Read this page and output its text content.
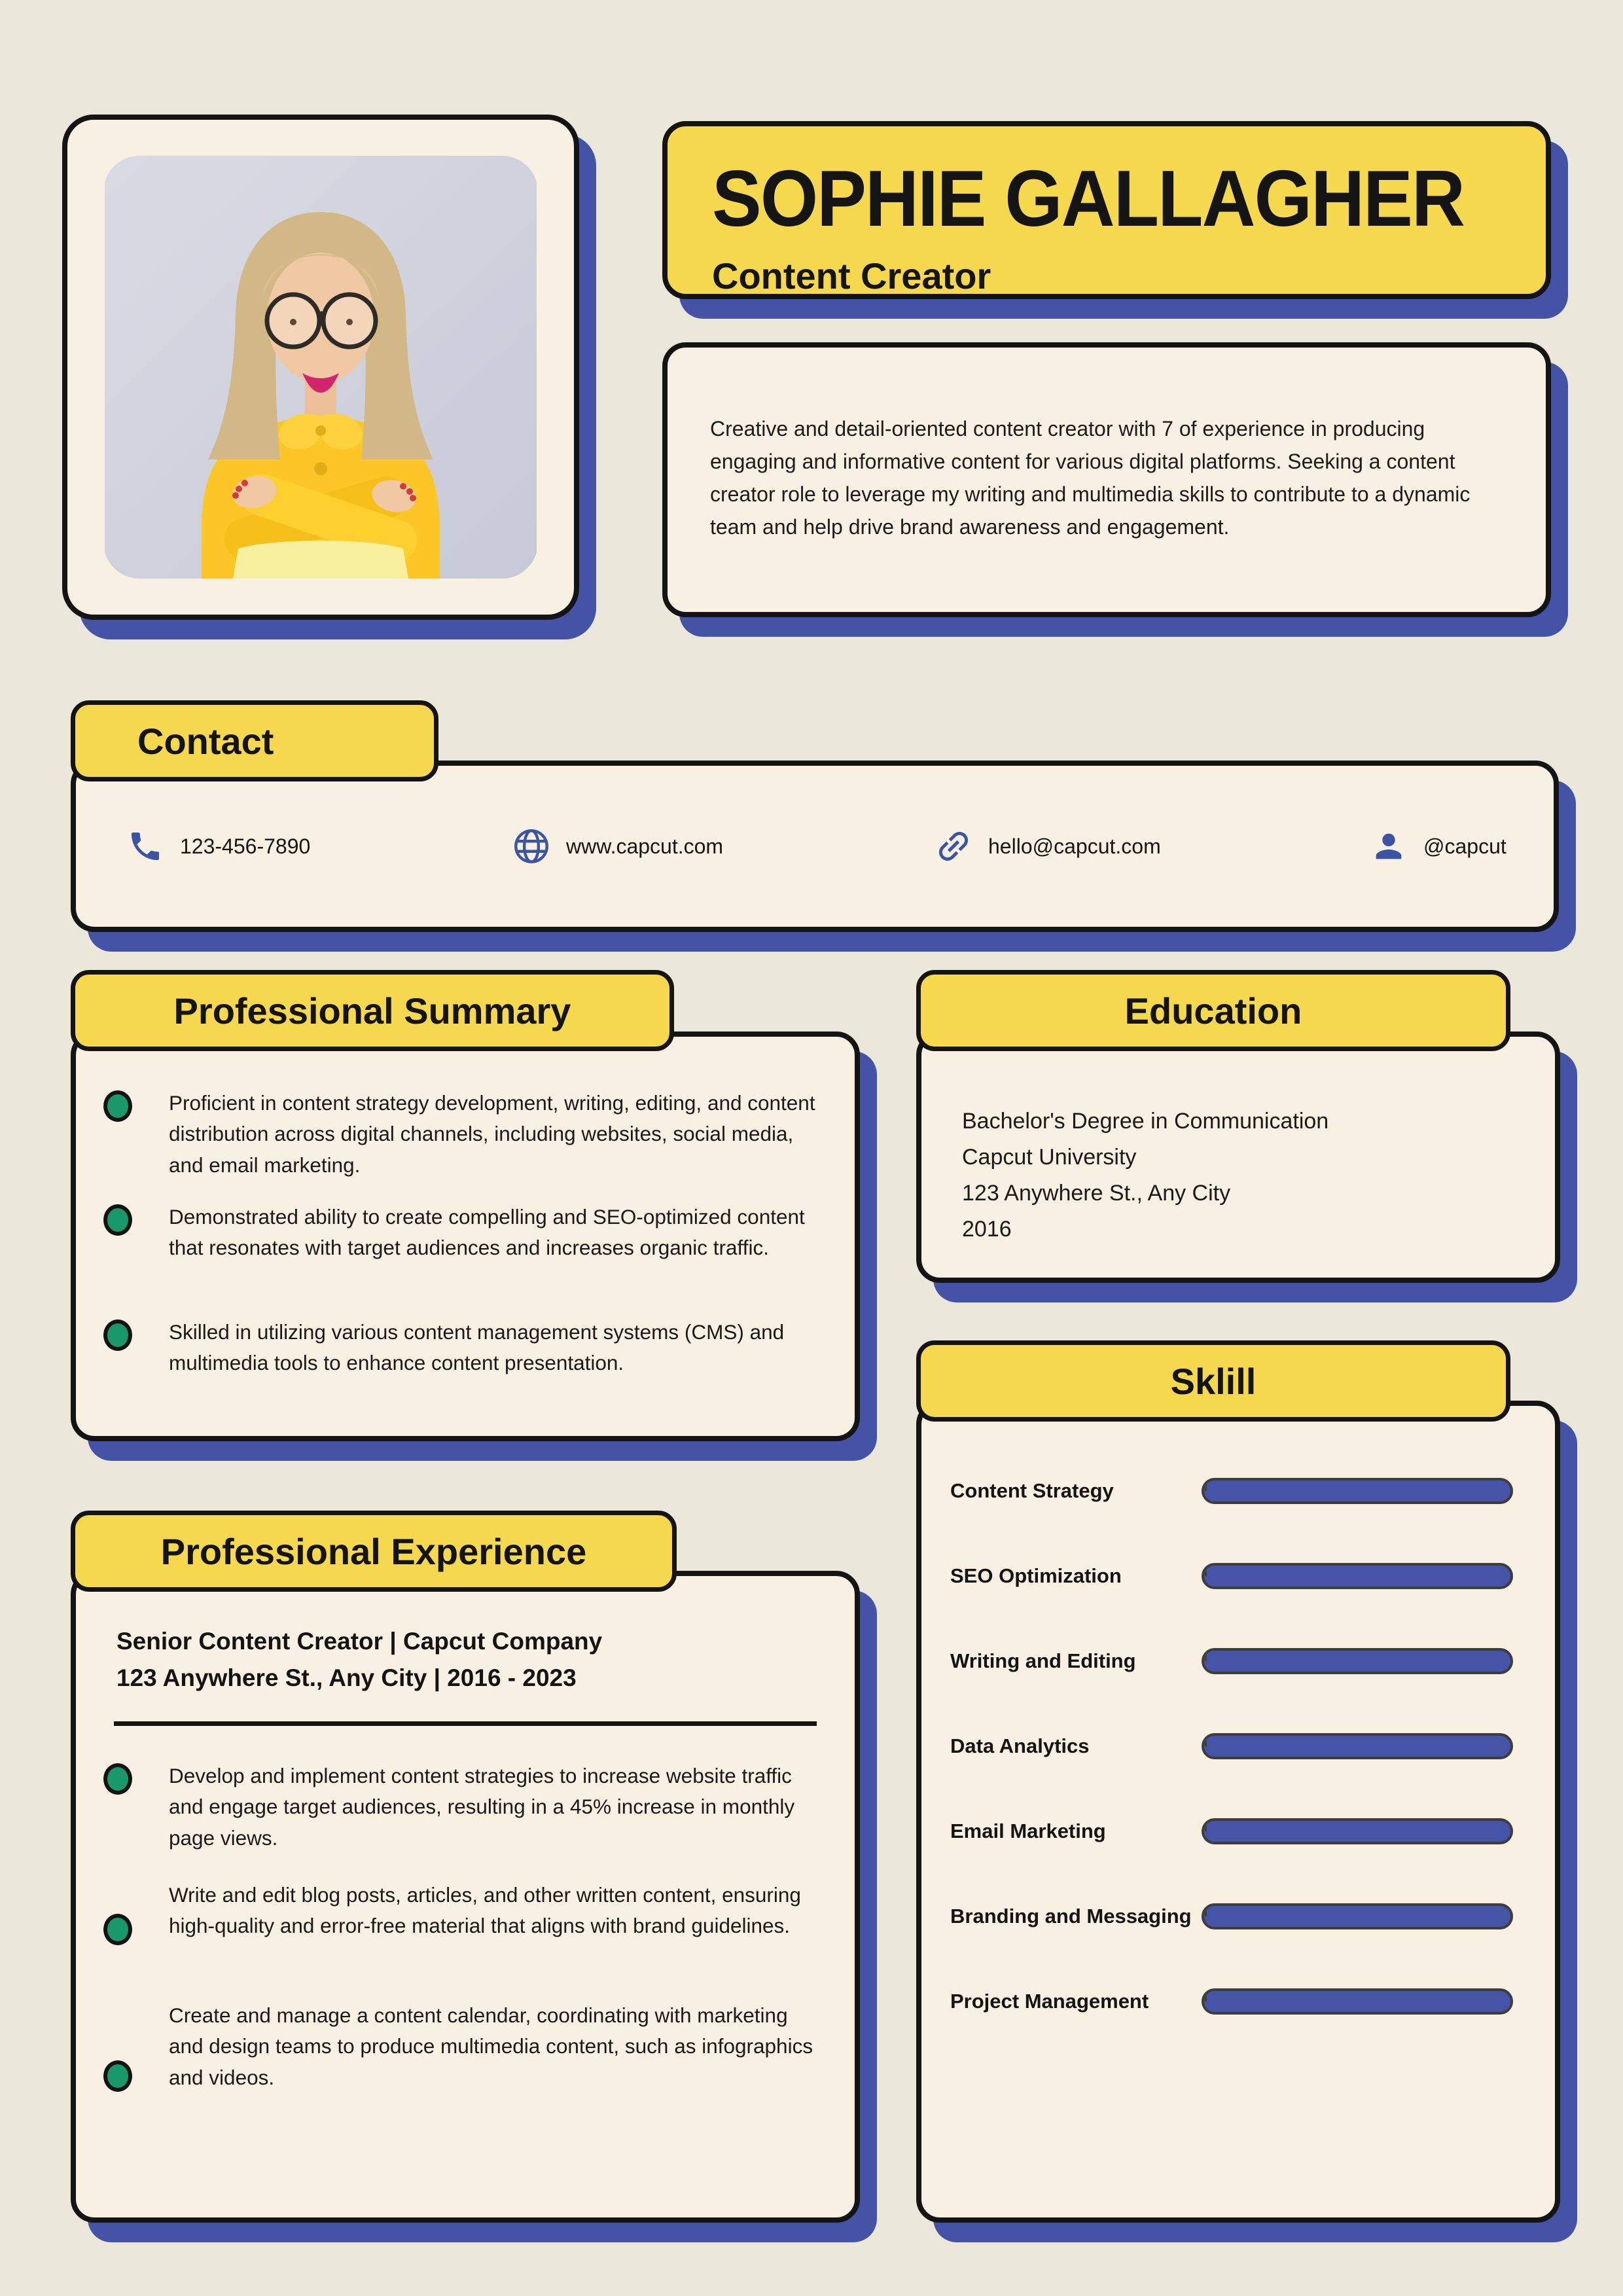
SOPHIE GALLAGHER
Content Creator
Creative and detail-oriented content creator with 7 of experience in producing engaging and informative content for various digital platforms. Seeking a content creator role to leverage my writing and multimedia skills to contribute to a dynamic team and help drive brand awareness and engagement.
Contact
123-456-7890	www.capcut.com	hello@capcut.com	@capcut
Professional Summary
Proficient in content strategy development, writing, editing, and content distribution across digital channels, including websites, social media, and email marketing.
Demonstrated ability to create compelling and SEO-optimized content that resonates with target audiences and increases organic traffic.
Skilled in utilizing various content management systems (CMS) and multimedia tools to enhance content presentation.
Education
Bachelor's Degree in Communication
Capcut University
123 Anywhere St., Any City
2016
Sklill
Content Strategy
SEO Optimization
Writing and Editing
Data Analytics
Email Marketing
Branding and Messaging
Project Management
Professional Experience
Senior Content Creator | Capcut Company
123 Anywhere St., Any City | 2016 - 2023
Develop and implement content strategies to increase website traffic and engage target audiences, resulting in a 45% increase in monthly page views.
Write and edit blog posts, articles, and other written content, ensuring high-quality and error-free material that aligns with brand guidelines.
Create and manage a content calendar, coordinating with marketing and design teams to produce multimedia content, such as infographics and videos.
